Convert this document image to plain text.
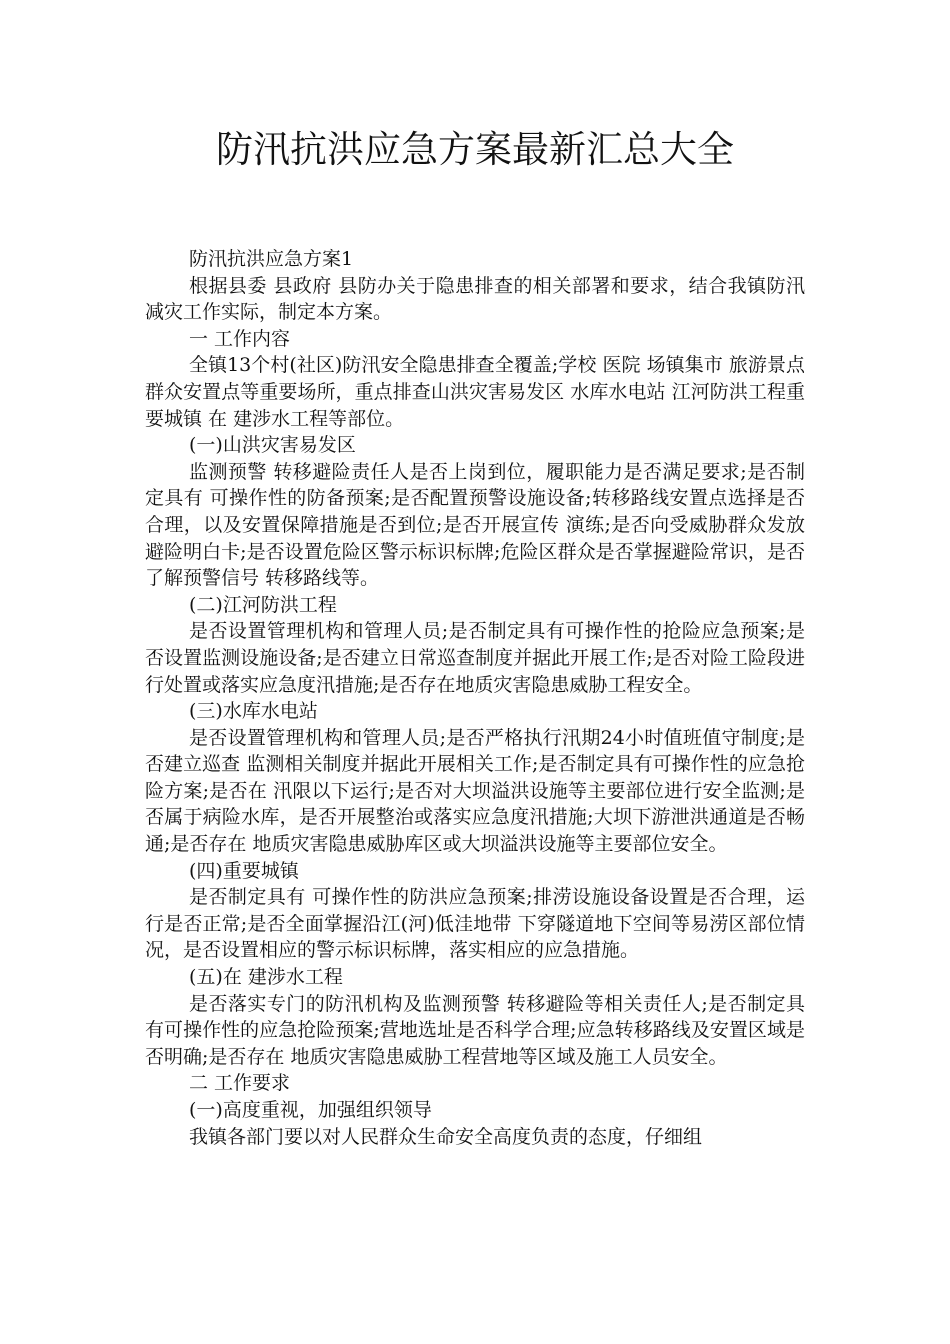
防汛抗洪应急方案最新汇总大全

防汛抗洪应急方案1

根据县委 县政府 县防办关于隐患排查的相关部署和要求，结合我镇防汛减灾工作实际，制定本方案。

一 工作内容

全镇13个村(社区)防汛安全隐患排查全覆盖;学校 医院 场镇集市 旅游景点 群众安置点等重要场所，重点排查山洪灾害易发区 水库水电站 江河防洪工程重要城镇 在 建涉水工程等部位。

(一)山洪灾害易发区

监测预警 转移避险责任人是否上岗到位，履职能力是否满足要求;是否制定具有 可操作性的防备预案;是否配置预警设施设备;转移路线安置点选择是否合理，以及安置保障措施是否到位;是否开展宣传 演练;是否向受威胁群众发放避险明白卡;是否设置危险区警示标识标牌;危险区群众是否掌握避险常识，是否了解预警信号 转移路线等。

(二)江河防洪工程

是否设置管理机构和管理人员;是否制定具有可操作性的抢险应急预案;是否设置监测设施设备;是否建立日常巡查制度并据此开展工作;是否对险工险段进行处置或落实应急度汛措施;是否存在地质灾害隐患威胁工程安全。

(三)水库水电站

是否设置管理机构和管理人员;是否严格执行汛期24小时值班值守制度;是否建立巡查 监测相关制度并据此开展相关工作;是否制定具有可操作性的应急抢险方案;是否在 汛限以下运行;是否对大坝溢洪设施等主要部位进行安全监测;是否属于病险水库，是否开展整治或落实应急度汛措施;大坝下游泄洪通道是否畅通;是否存在 地质灾害隐患威胁库区或大坝溢洪设施等主要部位安全。

(四)重要城镇

是否制定具有 可操作性的防洪应急预案;排涝设施设备设置是否合理，运行是否正常;是否全面掌握沿江(河)低洼地带 下穿隧道地下空间等易涝区部位情况，是否设置相应的警示标识标牌，落实相应的应急措施。

(五)在 建涉水工程

是否落实专门的防汛机构及监测预警 转移避险等相关责任人;是否制定具有可操作性的应急抢险预案;营地选址是否科学合理;应急转移路线及安置区域是否明确;是否存在 地质灾害隐患威胁工程营地等区域及施工人员安全。

二 工作要求

(一)高度重视，加强组织领导

我镇各部门要以对人民群众生命安全高度负责的态度，仔细组
